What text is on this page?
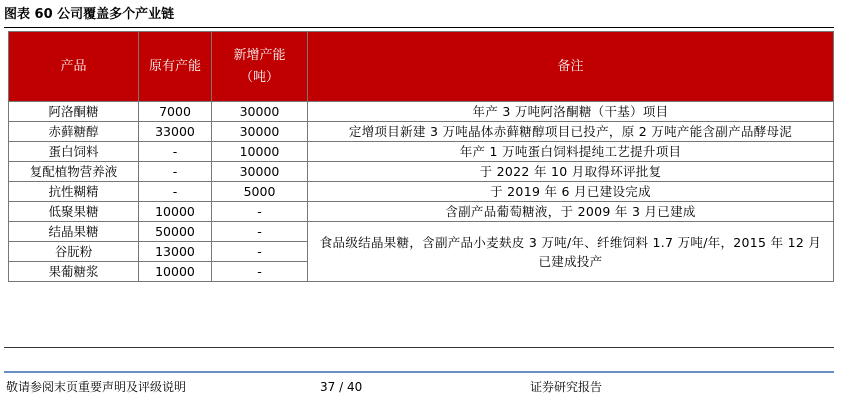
图表 60 公司覆盖多个产业链
产品	原有产能	新增产能（吨）	备注
阿洛酮糖	7000	30000	年产 3 万吨阿洛酮糖（干基）项目
赤藓糖醇	33000	30000	定增项目新建 3 万吨晶体赤藓糖醇项目已投产，原 2 万吨产能含副产品酵母泥
蛋白饲料	-	10000	年产 1 万吨蛋白饲料提纯工艺提升项目
复配植物营养液	-	30000	于 2022 年 10 月取得环评批复
抗性糊精	-	5000	于 2019 年 6 月已建设完成
低聚果糖	10000	-	含副产品葡萄糖液，于 2009 年 3 月已建成
结晶果糖	50000	-	食品级结晶果糖，含副产品小麦麸皮 3 万吨/年、纤维饲料 1.7 万吨/年，2015 年 12 月已建成投产
谷朊粉	13000	-	
果葡糖浆	10000	-	
敬请参阅末页重要声明及评级说明	37 / 40	证券研究报告
